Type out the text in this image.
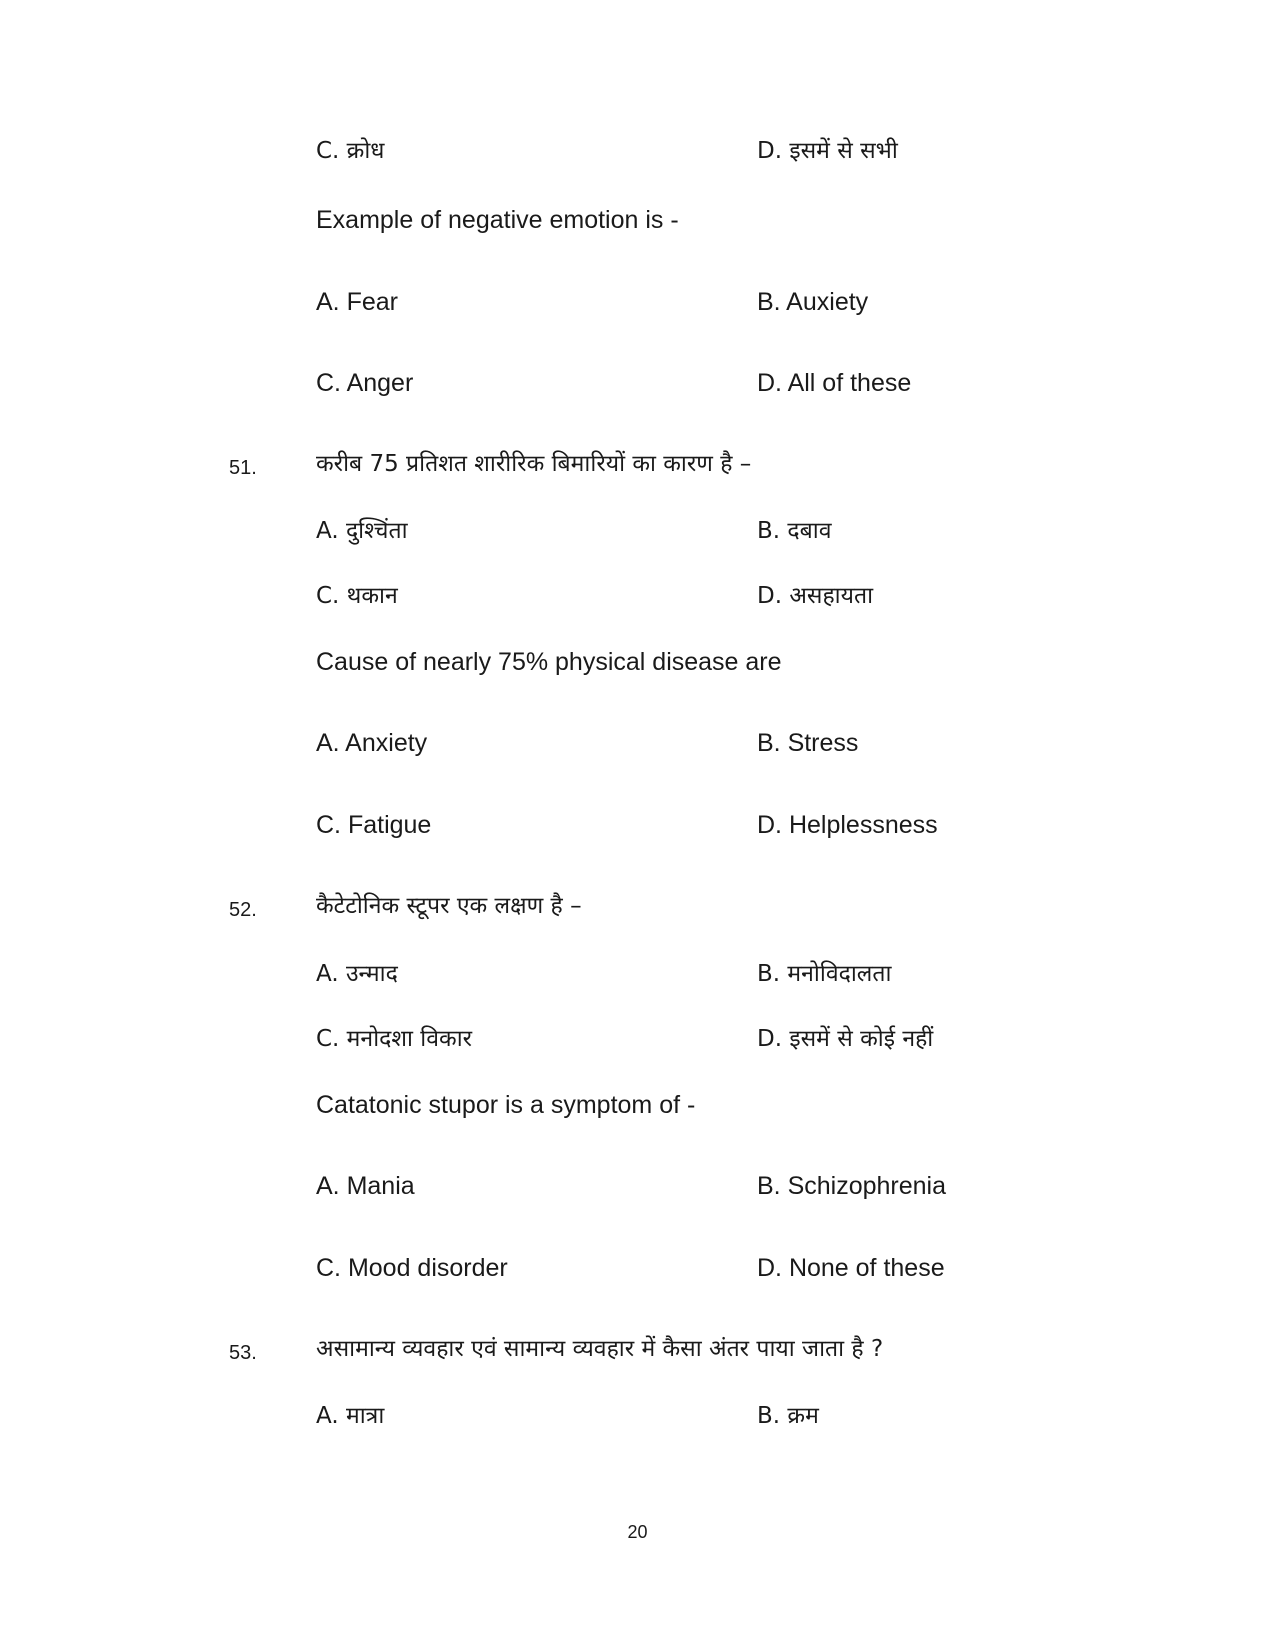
C. क्रोध	D. इसमें से सभी
Example of negative emotion is -
A. Fear	B. Auxiety
C. Anger	D. All of these
51.	करीब 75 प्रतिशत शारीरिक बिमारियों का कारण है –
A. दुश्चिंता	B. दबाव
C. थकान	D. असहायता
Cause of nearly 75% physical disease are
A. Anxiety	B. Stress
C. Fatigue	D. Helplessness
52.	कैटेटोनिक स्टूपर एक लक्षण है –
A. उन्माद	B. मनोविदालता
C. मनोदशा विकार	D. इसमें से कोई नहीं
Catatonic stupor is a symptom of -
A. Mania	B. Schizophrenia
C. Mood disorder	D. None of these
53.	असामान्य व्यवहार एवं सामान्य व्यवहार में कैसा अंतर पाया जाता है ?
A. मात्रा	B. क्रम
20
